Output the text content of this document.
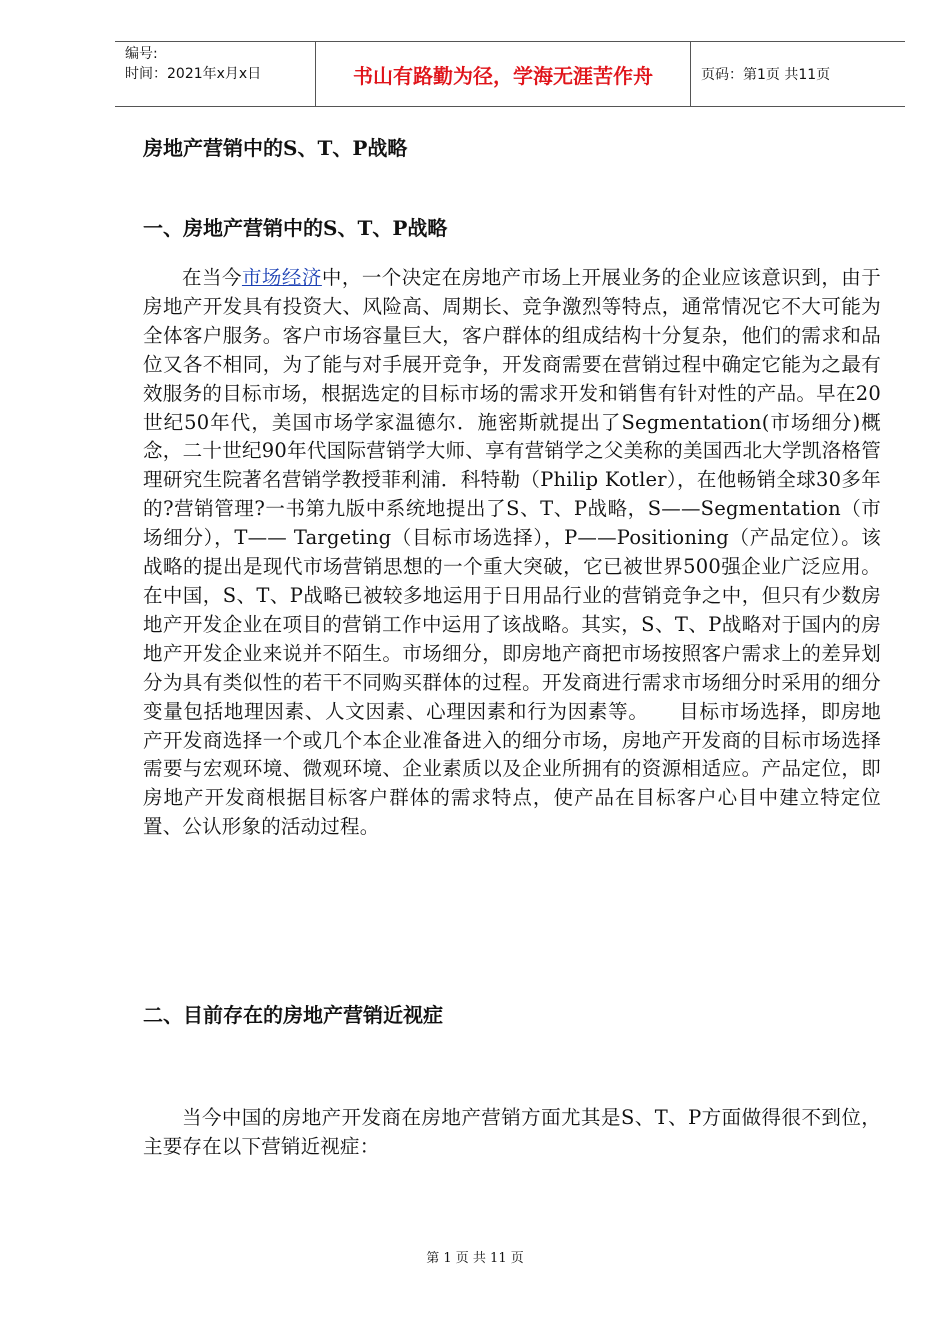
编号:
时间：2021年x月x日	书山有路勤为径，学海无涯苦作舟	页码：第1页 共11页
房地产营销中的S、T、P战略
一、房地产营销中的S、T、P战略

在当今市场经济中，一个决定在房地产市场上开展业务的企业应该意识到，由于房地产开发具有投资大、风险高、周期长、竞争激烈等特点，通常情况它不大可能为全体客户服务。客户市场容量巨大，客户群体的组成结构十分复杂，他们的需求和品位又各不相同，为了能与对手展开竞争，开发商需要在营销过程中确定它能为之最有效服务的目标市场，根据选定的目标市场的需求开发和销售有针对性的产品。早在20世纪50年代，美国市场学家温德尔．施密斯就提出了Segmentation(市场细分)概念，二十世纪90年代国际营销学大师、享有营销学之父美称的美国西北大学凯洛格管理研究生院著名营销学教授菲利浦．科特勒（Philip Kotler），在他畅销全球30多年的?营销管理?一书第九版中系统地提出了S、T、P战略，S——Segmentation（市场细分），T—— Targeting（目标市场选择），P——Positioning（产品定位）。该战略的提出是现代市场营销思想的一个重大突破，它已被世界500强企业广泛应用。在中国，S、T、P战略已被较多地运用于日用品行业的营销竞争之中，但只有少数房地产开发企业在项目的营销工作中运用了该战略。其实，S、T、P战略对于国内的房地产开发企业来说并不陌生。市场细分，即房地产商把市场按照客户需求上的差异划分为具有类似性的若干不同购买群体的过程。开发商进行需求市场细分时采用的细分变量包括地理因素、人文因素、心理因素和行为因素等。　　目标市场选择，即房地产开发商选择一个或几个本企业准备进入的细分市场，房地产开发商的目标市场选择需要与宏观环境、微观环境、企业素质以及企业所拥有的资源相适应。产品定位，即房地产开发商根据目标客户群体的需求特点，使产品在目标客户心目中建立特定位置、公认形象的活动过程。

二、目前存在的房地产营销近视症

当今中国的房地产开发商在房地产营销方面尤其是S、T、P方面做得很不到位，主要存在以下营销近视症：

第 1 页 共 11 页
